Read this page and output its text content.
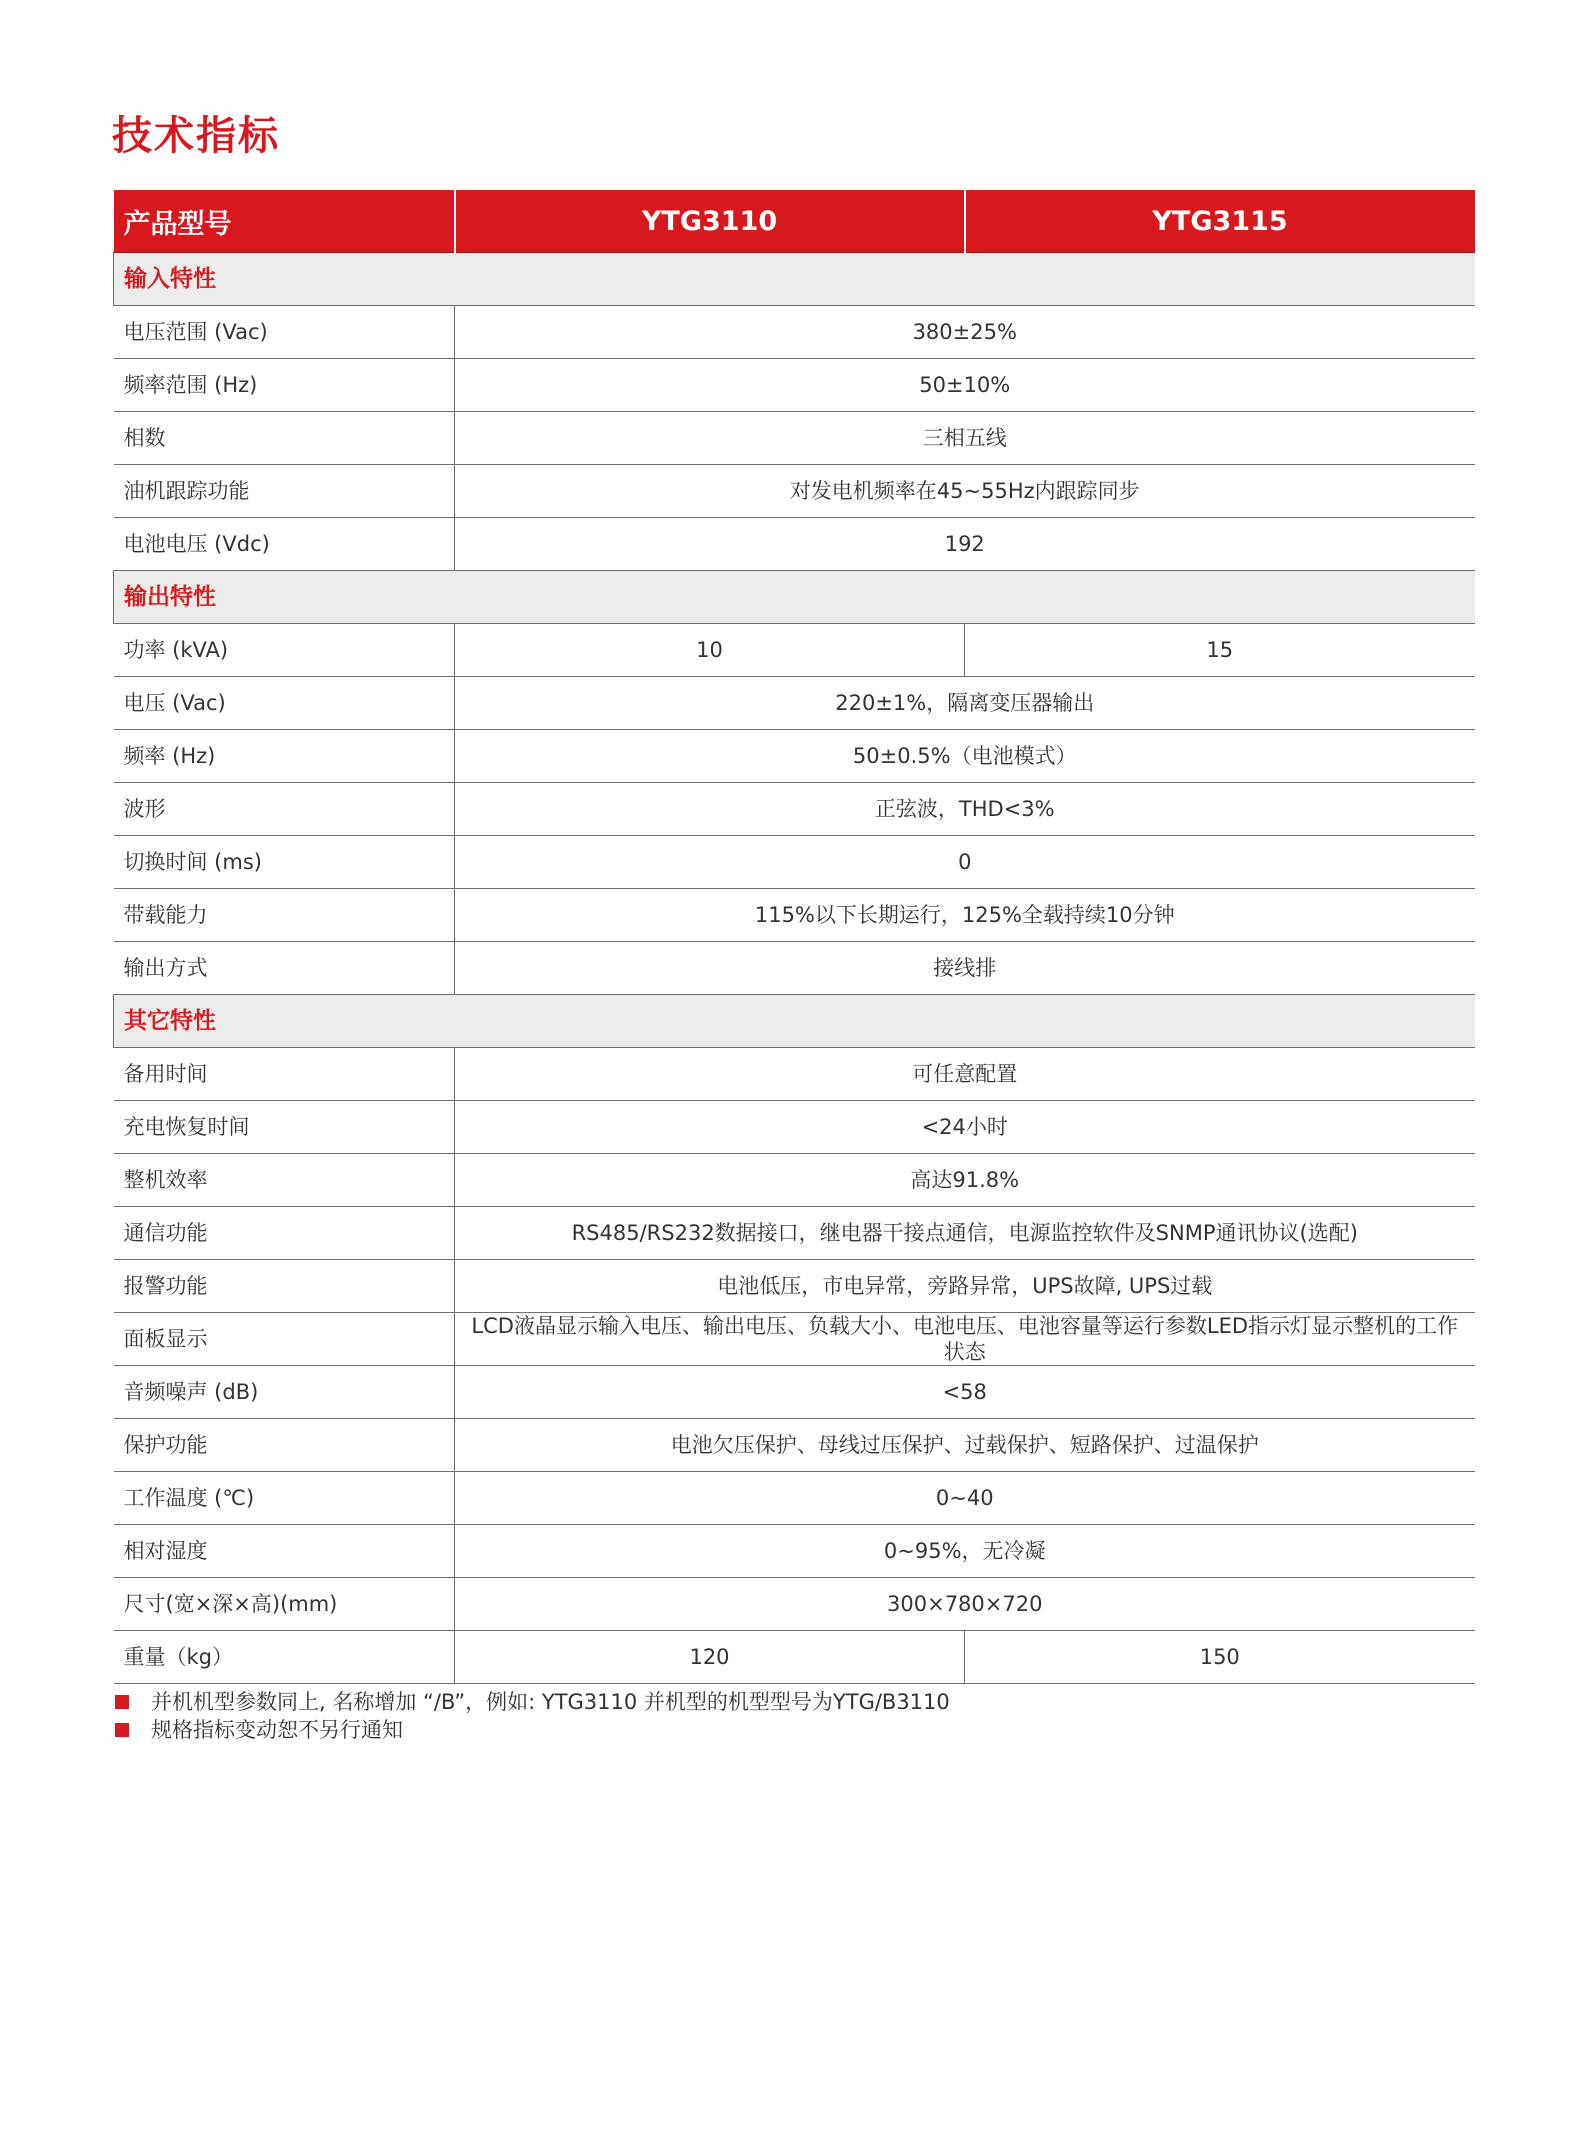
技术指标
产品型号	YTG3110	YTG3115
输入特性		
电压范围 (Vac)	380±25%	
频率范围 (Hz)	50±10%	
相数	三相五线	
油机跟踪功能	对发电机频率在45~55Hz内跟踪同步	
电池电压 (Vdc)	192	
输出特性		
功率 (kVA)	10	15
电压 (Vac)	220±1%，隔离变压器输出	
频率 (Hz)	50±0.5%（电池模式）	
波形	正弦波，THD<3%	
切换时间 (ms)	0	
带载能力	115%以下长期运行，125%全载持续10分钟	
输出方式	接线排	
其它特性		
备用时间	可任意配置	
充电恢复时间	<24小时	
整机效率	高达91.8%	
通信功能	RS485/RS232数据接口，继电器干接点通信，电源监控软件及SNMP通讯协议(选配)	
报警功能	电池低压，市电异常，旁路异常，UPS故障, UPS过载	
面板显示	LCD液晶显示输入电压、输出电压、负载大小、电池电压、电池容量等运行参数LED指示灯显示整机的工作状态	
音频噪声 (dB)	<58	
保护功能	电池欠压保护、母线过压保护、过载保护、短路保护、过温保护	
工作温度 (℃)	0~40	
相对湿度	0~95%，无冷凝	
尺寸(宽×深×高)(mm)	300×780×720	
重量（kg）	120	150
并机机型参数同上, 名称增加 “/B”，例如: YTG3110 并机型的机型型号为YTG/B3110
规格指标变动恕不另行通知
